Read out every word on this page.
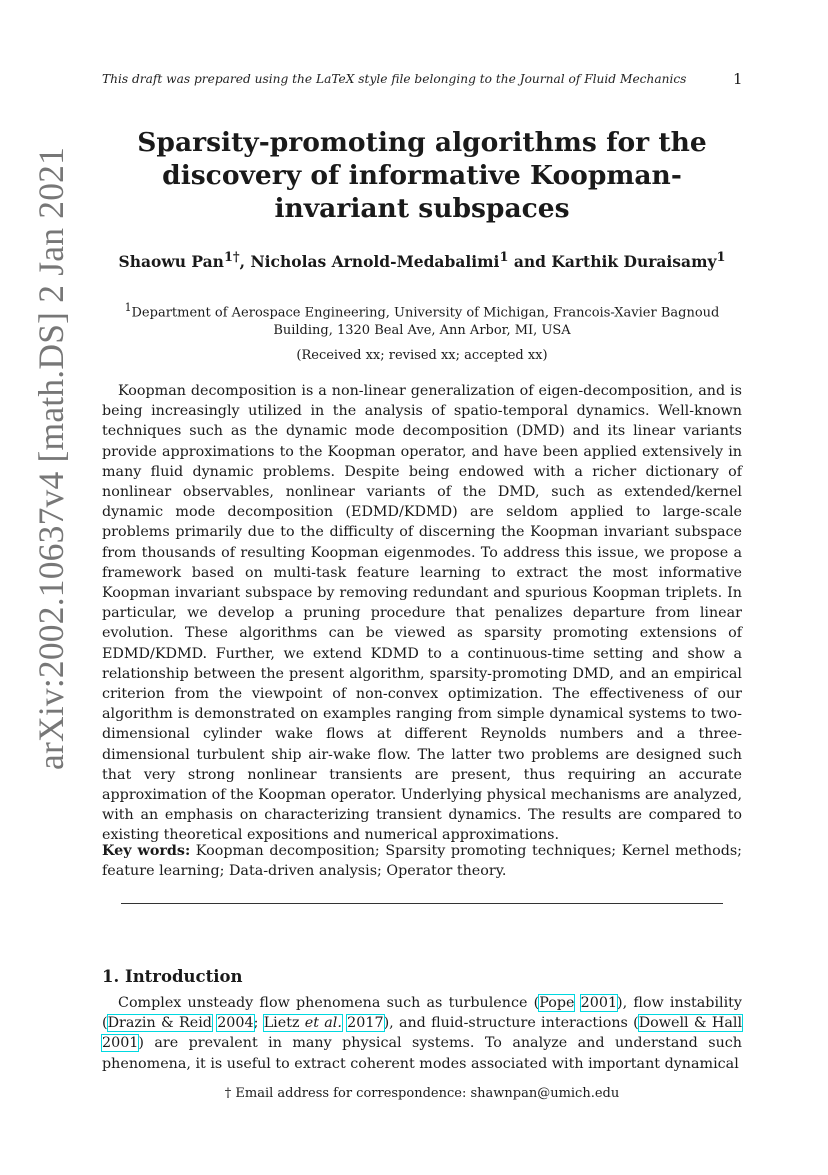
This draft was prepared using the LaTeX style file belonging to the Journal of Fluid Mechanics	1
arXiv:2002.10637v4 [math.DS] 2 Jan 2021
Sparsity-promoting algorithms for the discovery of informative Koopman-invariant subspaces
Shaowu Pan$^{1\dagger}$, Nicholas Arnold-Medabalimi$^1$ and Karthik Duraisamy$^1$
$^1$Department of Aerospace Engineering, University of Michigan, Francois-Xavier Bagnoud Building, 1320 Beal Ave, Ann Arbor, MI, USA
(Received xx; revised xx; accepted xx)

Koopman decomposition is a non-linear generalization of eigen-decomposition, and is being increasingly utilized in the analysis of spatio-temporal dynamics. Well-known techniques such as the dynamic mode decomposition (DMD) and its linear variants provide approximations to the Koopman operator, and have been applied extensively in many fluid dynamic problems. Despite being endowed with a richer dictionary of nonlinear observables, nonlinear variants of the DMD, such as extended/kernel dynamic mode decomposition (EDMD/KDMD) are seldom applied to large-scale problems primarily due to the difficulty of discerning the Koopman invariant subspace from thousands of resulting Koopman eigenmodes. To address this issue, we propose a framework based on multi-task feature learning to extract the most informative Koopman invariant subspace by removing redundant and spurious Koopman triplets. In particular, we develop a pruning procedure that penalizes departure from linear evolution. These algorithms can be viewed as sparsity promoting extensions of EDMD/KDMD. Further, we extend KDMD to a continuous-time setting and show a relationship between the present algorithm, sparsity-promoting DMD, and an empirical criterion from the viewpoint of non-convex optimization. The effectiveness of our algorithm is demonstrated on examples ranging from simple dynamical systems to two-dimensional cylinder wake flows at different Reynolds numbers and a three-dimensional turbulent ship air-wake flow. The latter two problems are designed such that very strong nonlinear transients are present, thus requiring an accurate approximation of the Koopman operator. Underlying physical mechanisms are analyzed, with an emphasis on characterizing transient dynamics. The results are compared to existing theoretical expositions and numerical approximations.

Key words: Koopman decomposition; Sparsity promoting techniques; Kernel methods; feature learning; Data-driven analysis; Operator theory.
1. Introduction

Complex unsteady flow phenomena such as turbulence (Pope 2001), flow instability (Drazin & Reid 2004; Lietz et al. 2017), and fluid-structure interactions (Dowell & Hall 2001) are prevalent in many physical systems. To analyze and understand such phenomena, it is useful to extract coherent modes associated with important dynamical

† Email address for correspondence: shawnpan@umich.edu
